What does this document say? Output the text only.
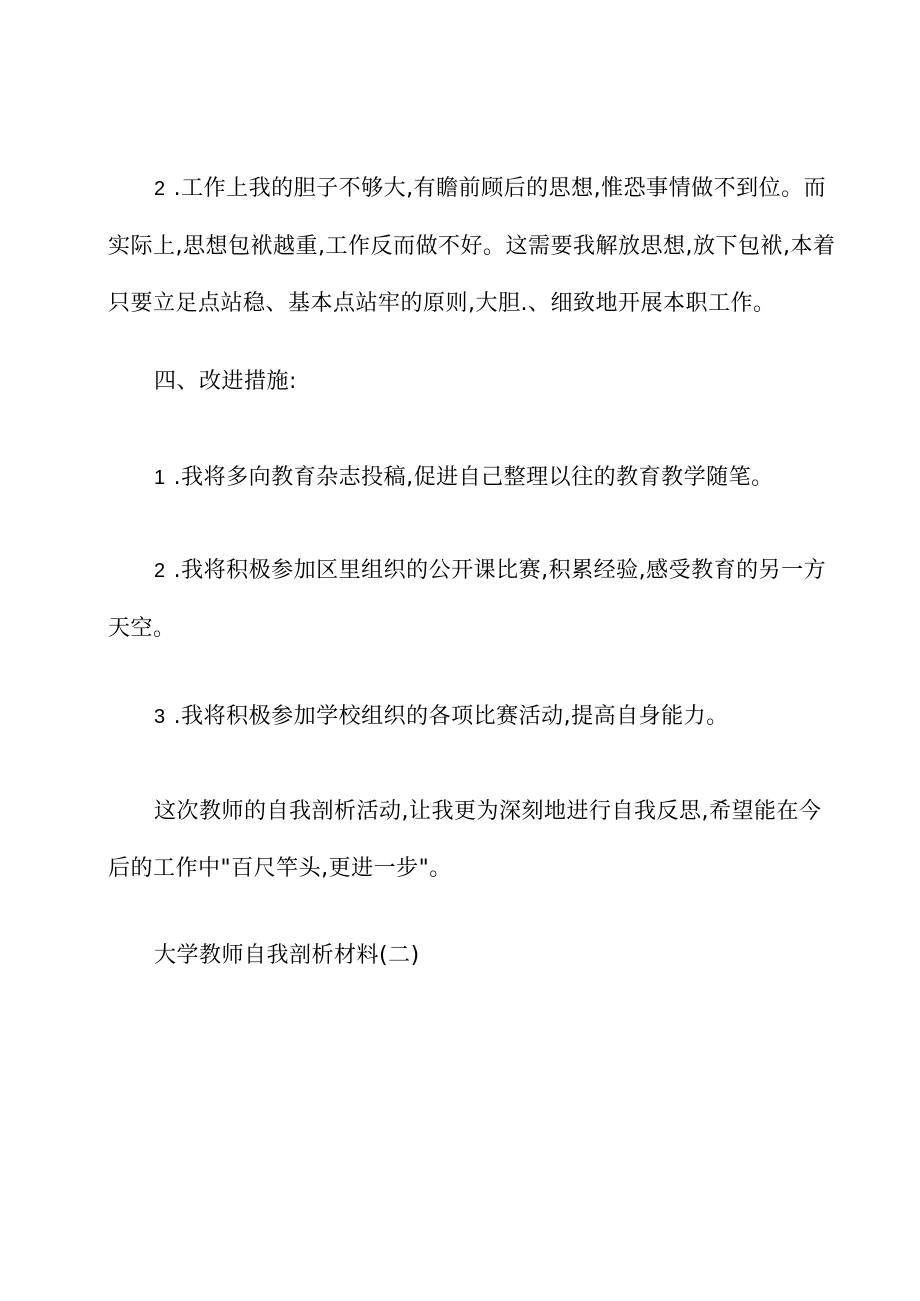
2 .工作上我的胆子不够大,有瞻前顾后的思想,惟恐事情做不到位。而
实际上,思想包袱越重,工作反而做不好。这需要我解放思想,放下包袱,本着
只要立足点站稳、基本点站牢的原则,大胆.、细致地开展本职工作。
四、改进措施:
1 .我将多向教育杂志投稿,促进自己整理以往的教育教学随笔。
2 .我将积极参加区里组织的公开课比赛,积累经验,感受教育的另一方
天空。
3 .我将积极参加学校组织的各项比赛活动,提高自身能力。
这次教师的自我剖析活动,让我更为深刻地进行自我反思,希望能在今
后的工作中"百尺竿头,更进一步"。
大学教师自我剖析材料(二)
